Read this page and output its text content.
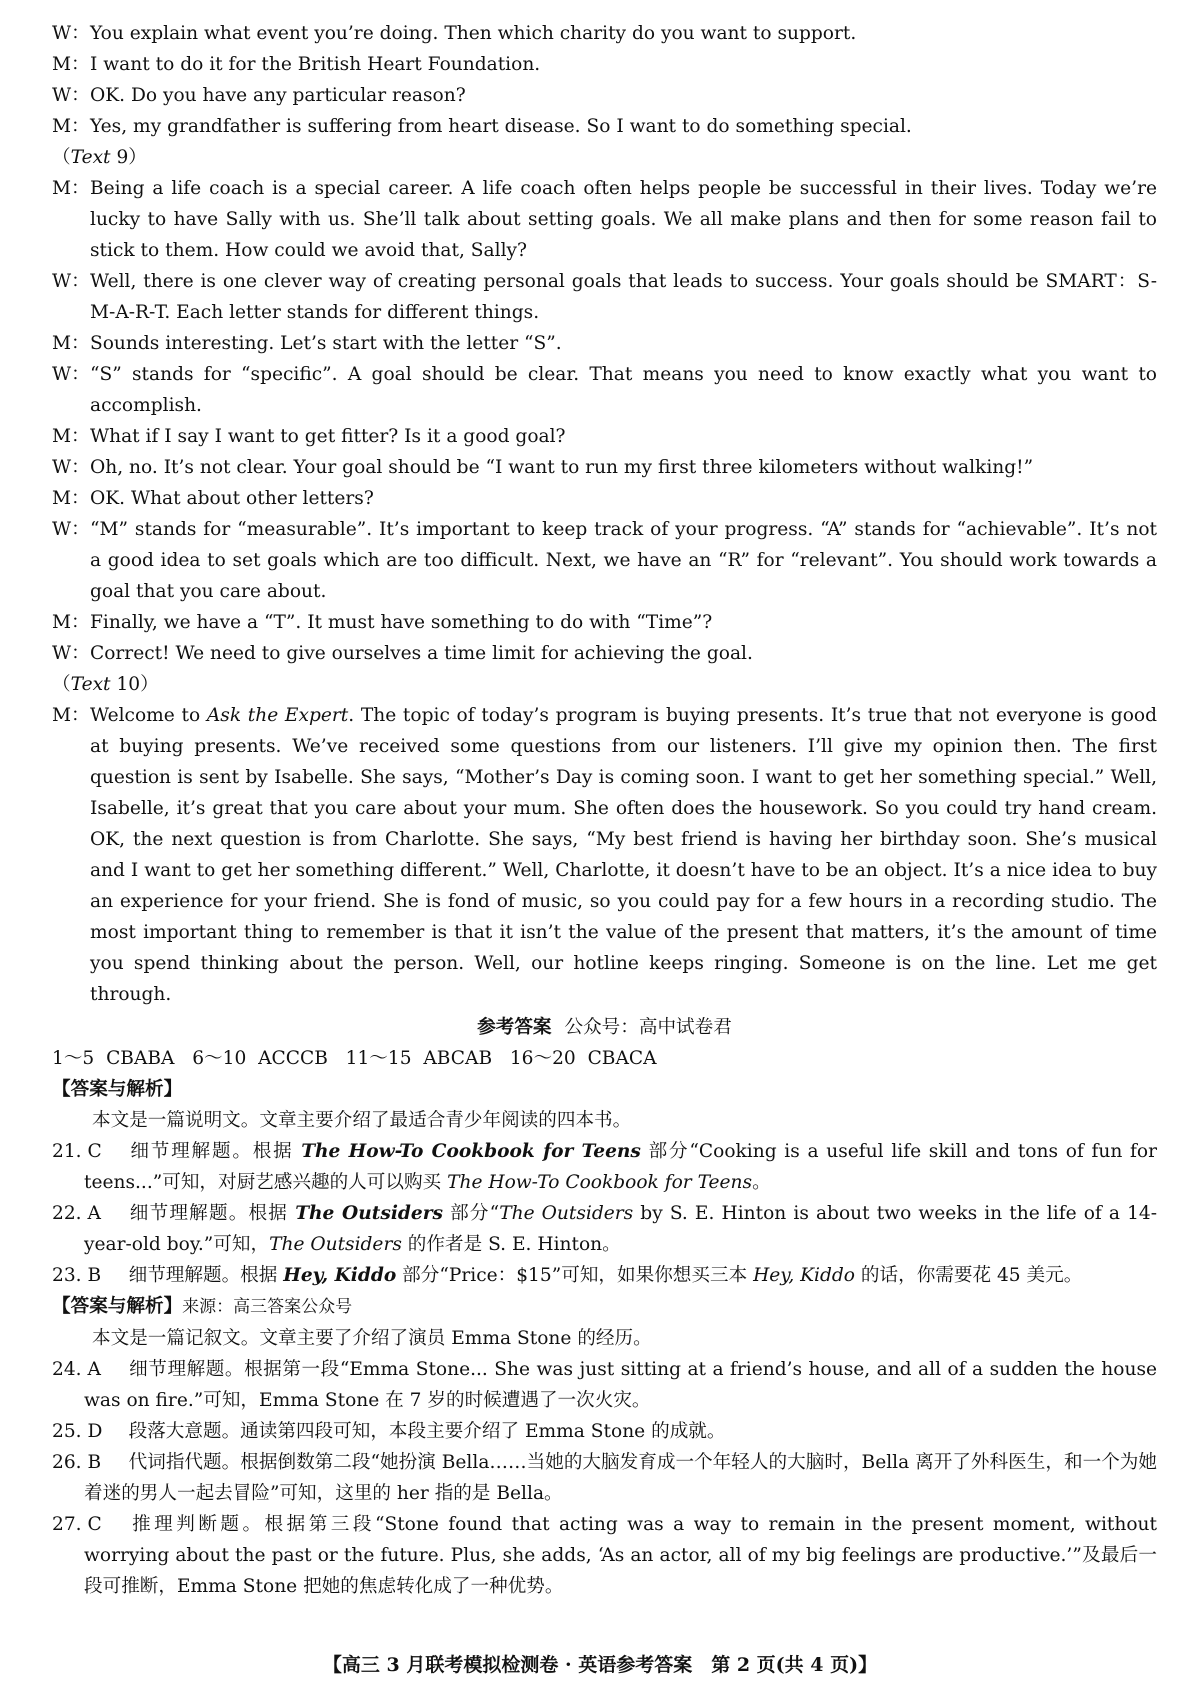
W： You explain what event you’re doing. Then which charity do you want to support.
M： I want to do it for the British Heart Foundation.
W： OK. Do you have any particular reason?
M： Yes, my grandfather is suffering from heart disease. So I want to do something special.
（Text 9）
M： Being a life coach is a special career. A life coach often helps people be successful in their lives. Today we’re lucky to have Sally with us. She’ll talk about setting goals. We all make plans and then for some reason fail to stick to them. How could we avoid that, Sally?
W： Well, there is one clever way of creating personal goals that leads to success. Your goals should be SMART：S-M-A-R-T. Each letter stands for different things.
M： Sounds interesting. Let’s start with the letter “S”.
W： “S” stands for “specific”. A goal should be clear. That means you need to know exactly what you want to accomplish.
M： What if I say I want to get fitter? Is it a good goal?
W： Oh, no. It’s not clear. Your goal should be “I want to run my first three kilometers without walking!”
M： OK. What about other letters?
W： “M” stands for “measurable”. It’s important to keep track of your progress. “A” stands for “achievable”. It’s not a good idea to set goals which are too difficult. Next, we have an “R” for “relevant”. You should work towards a goal that you care about.
M： Finally, we have a “T”. It must have something to do with “Time”?
W： Correct! We need to give ourselves a time limit for achieving the goal.
（Text 10）
M： Welcome to Ask the Expert. The topic of today’s program is buying presents. It’s true that not everyone is good at buying presents. We’ve received some questions from our listeners. I’ll give my opinion then. The first question is sent by Isabelle. She says, “Mother’s Day is coming soon. I want to get her something special.” Well, Isabelle, it’s great that you care about your mum. She often does the housework. So you could try hand cream. OK, the next question is from Charlotte. She says, “My best friend is having her birthday soon. She’s musical and I want to get her something different.” Well, Charlotte, it doesn’t have to be an object. It’s a nice idea to buy an experience for your friend. She is fond of music, so you could pay for a few hours in a recording studio. The most important thing to remember is that it isn’t the value of the present that matters, it’s the amount of time you spend thinking about the person. Well, our hotline keeps ringing. Someone is on the line. Let me get through.
参考答案 公众号：高中试卷君
1～5  CBABA   6～10  ACCCB   11～15  ABCAB   16～20  CBACA
【答案与解析】
本文是一篇说明文。文章主要介绍了最适合青少年阅读的四本书。
21. C 　细节理解题。根据 The How-To Cookbook for Teens 部分“Cooking is a useful life skill and tons of fun for teens...”可知，对厨艺感兴趣的人可以购买 The How-To Cookbook for Teens。
22. A 　细节理解题。根据 The Outsiders 部分“The Outsiders by S. E. Hinton is about two weeks in the life of a 14-year-old boy.”可知，The Outsiders 的作者是 S. E. Hinton。
23. B 　细节理解题。根据 Hey, Kiddo 部分“Price：$15”可知，如果你想买三本 Hey, Kiddo 的话，你需要花 45 美元。
【答案与解析】来源：高三答案公众号
本文是一篇记叙文。文章主要了介绍了演员 Emma Stone 的经历。
24. A 　细节理解题。根据第一段“Emma Stone... She was just sitting at a friend’s house, and all of a sudden the house was on fire.”可知，Emma Stone 在 7 岁的时候遭遇了一次火灾。
25. D 　段落大意题。通读第四段可知，本段主要介绍了 Emma Stone 的成就。
26. B 　代词指代题。根据倒数第二段“她扮演 Bella……当她的大脑发育成一个年轻人的大脑时，Bella 离开了外科医生，和一个为她着迷的男人一起去冒险”可知，这里的 her 指的是 Bella。
27. C 　推理判断题。根据第三段“Stone found that acting was a way to remain in the present moment, without worrying about the past or the future. Plus, she adds, ‘As an actor, all of my big feelings are productive.’”及最后一段可推断，Emma Stone 把她的焦虑转化成了一种优势。
【高三 3 月联考模拟检测卷 · 英语参考答案　第 2 页(共 4 页)】
